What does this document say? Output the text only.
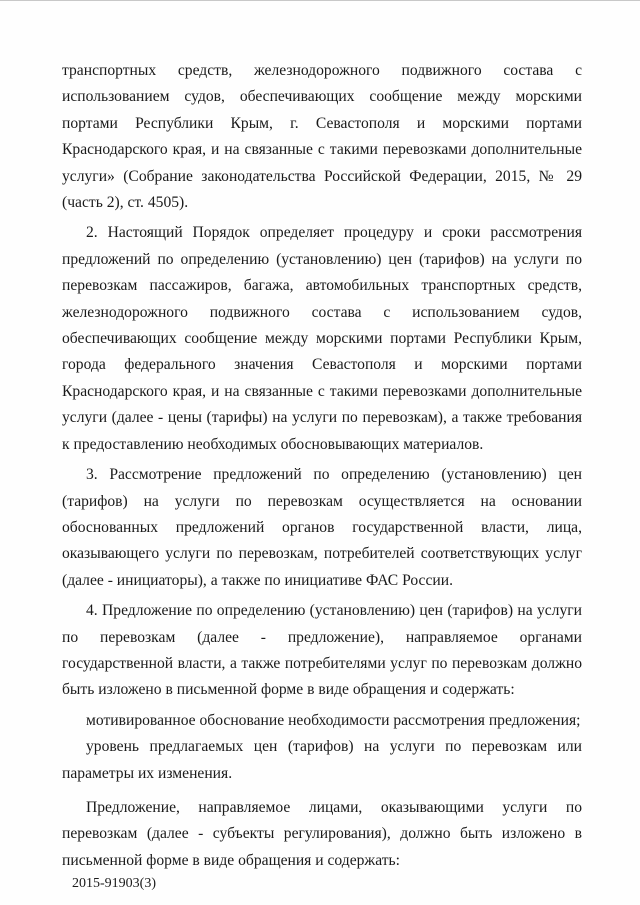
транспортных средств, железнодорожного подвижного состава с использованием судов, обеспечивающих сообщение между морскими портами Республики Крым, г. Севастополя и морскими портами Краснодарского края, и на связанные с такими перевозками дополнительные услуги» (Собрание законодательства Российской Федерации, 2015, № 29 (часть 2), ст. 4505).

2. Настоящий Порядок определяет процедуру и сроки рассмотрения предложений по определению (установлению) цен (тарифов) на услуги по перевозкам пассажиров, багажа, автомобильных транспортных средств, железнодорожного подвижного состава с использованием судов, обеспечивающих сообщение между морскими портами Республики Крым, города федерального значения Севастополя и морскими портами Краснодарского края, и на связанные с такими перевозками дополнительные услуги (далее - цены (тарифы) на услуги по перевозкам), а также требования к предоставлению необходимых обосновывающих материалов.

3. Рассмотрение предложений по определению (установлению) цен (тарифов) на услуги по перевозкам осуществляется на основании обоснованных предложений органов государственной власти, лица, оказывающего услуги по перевозкам, потребителей соответствующих услуг (далее - инициаторы), а также по инициативе ФАС России.

4. Предложение по определению (установлению) цен (тарифов) на услуги по перевозкам (далее - предложение), направляемое органами государственной власти, а также потребителями услуг по перевозкам должно быть изложено в письменной форме в виде обращения и содержать:

мотивированное обоснование необходимости рассмотрения предложения;

уровень предлагаемых цен (тарифов) на услуги по перевозкам или параметры их изменения.

Предложение, направляемое лицами, оказывающими услуги по перевозкам (далее - субъекты регулирования), должно быть изложено в письменной форме в виде обращения и содержать:

2015-91903(3)
